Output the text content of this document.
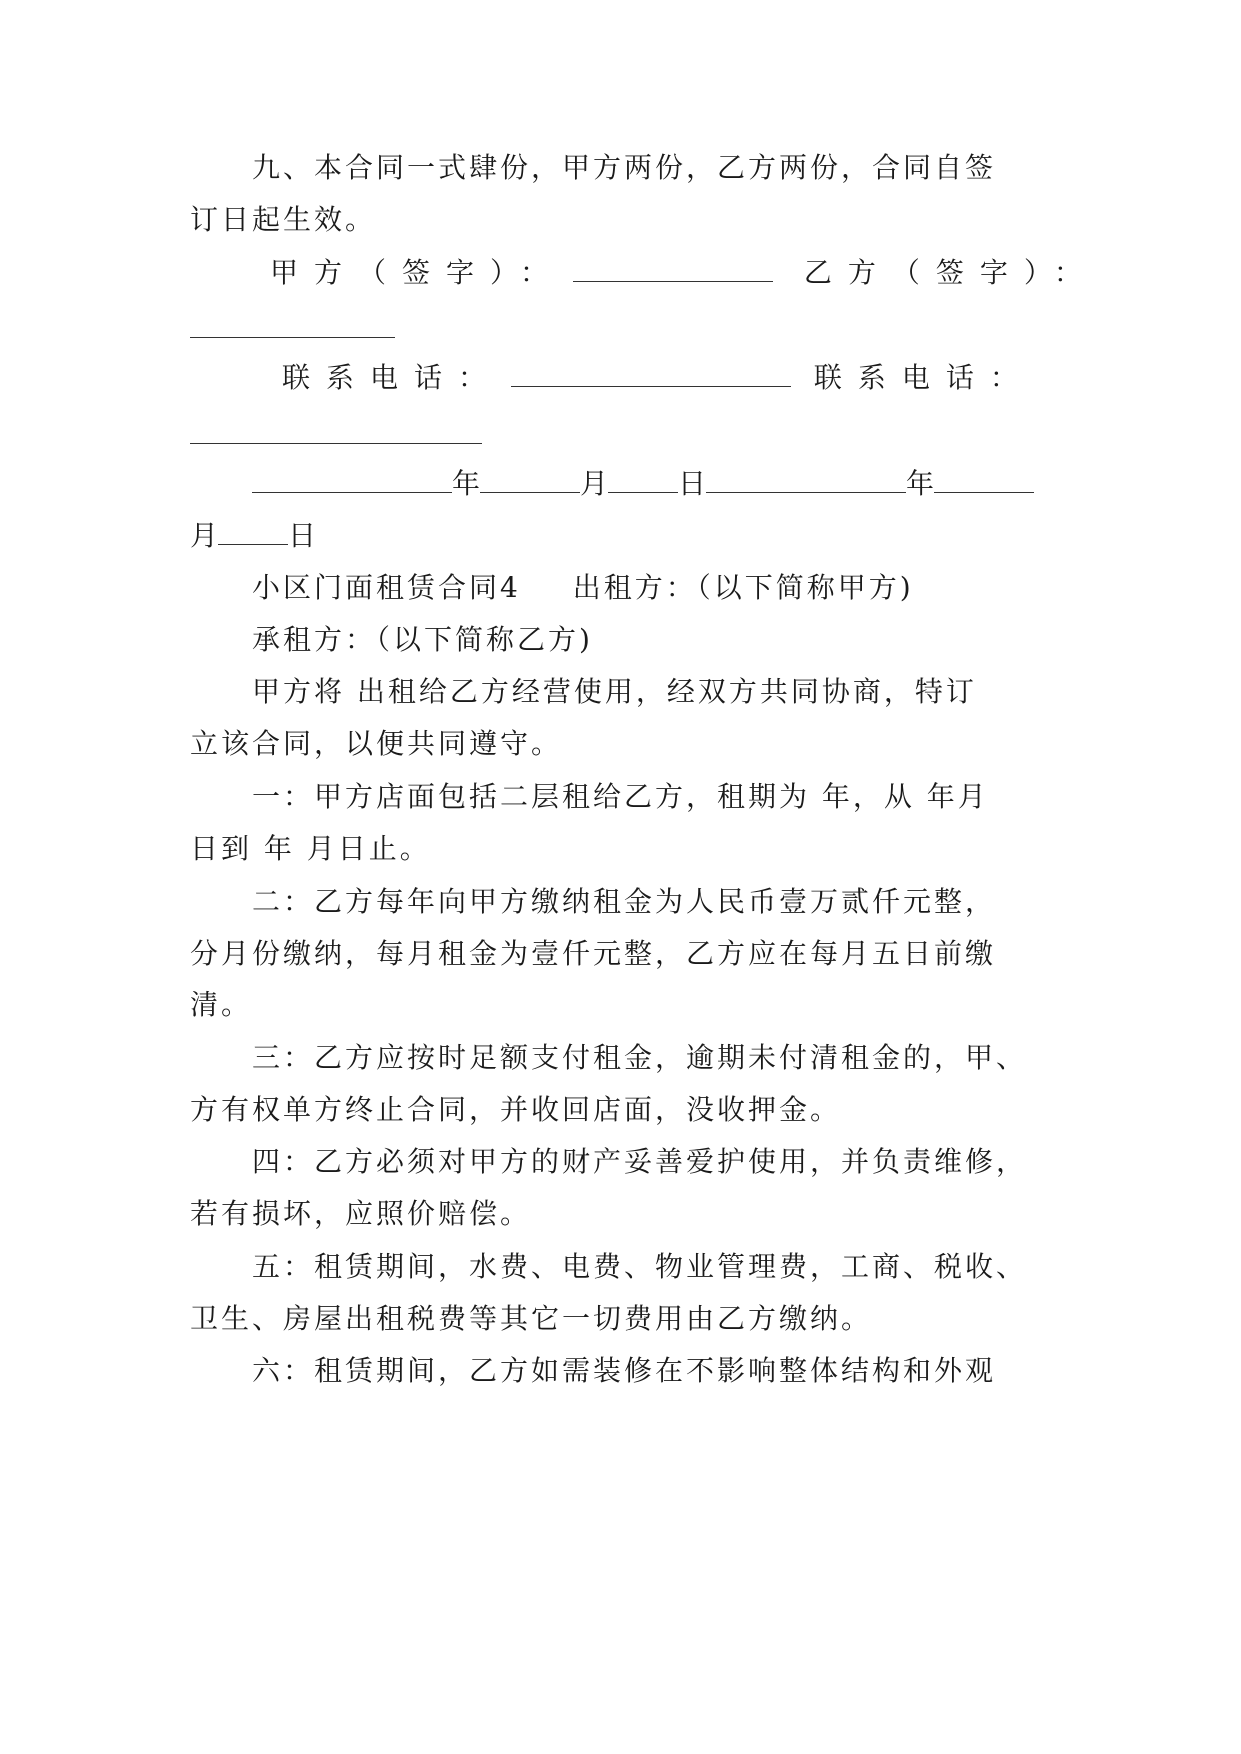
九、本合同一式肆份，甲方两份，乙方两份，合同自签
订日起生效。
甲方（签字）：	乙方（签字）：
联系电话：	联系电话：
年	月	日	年
月	日
小区门面租赁合同4 出租方：（以下简称甲方)
承租方：（以下简称乙方)
甲方将 出租给乙方经营使用，经双方共同协商，特订
立该合同，以便共同遵守。
一：甲方店面包括二层租给乙方，租期为 年，从 年月
日到 年 月日止。
二：乙方每年向甲方缴纳租金为人民币壹万贰仟元整，
分月份缴纳，每月租金为壹仟元整，乙方应在每月五日前缴
清。
三：乙方应按时足额支付租金，逾期未付清租金的，甲、
方有权单方终止合同，并收回店面，没收押金。
四：乙方必须对甲方的财产妥善爱护使用，并负责维修，
若有损坏，应照价赔偿。
五：租赁期间，水费、电费、物业管理费，工商、税收、
卫生、房屋出租税费等其它一切费用由乙方缴纳。
六：租赁期间，乙方如需装修在不影响整体结构和外观
